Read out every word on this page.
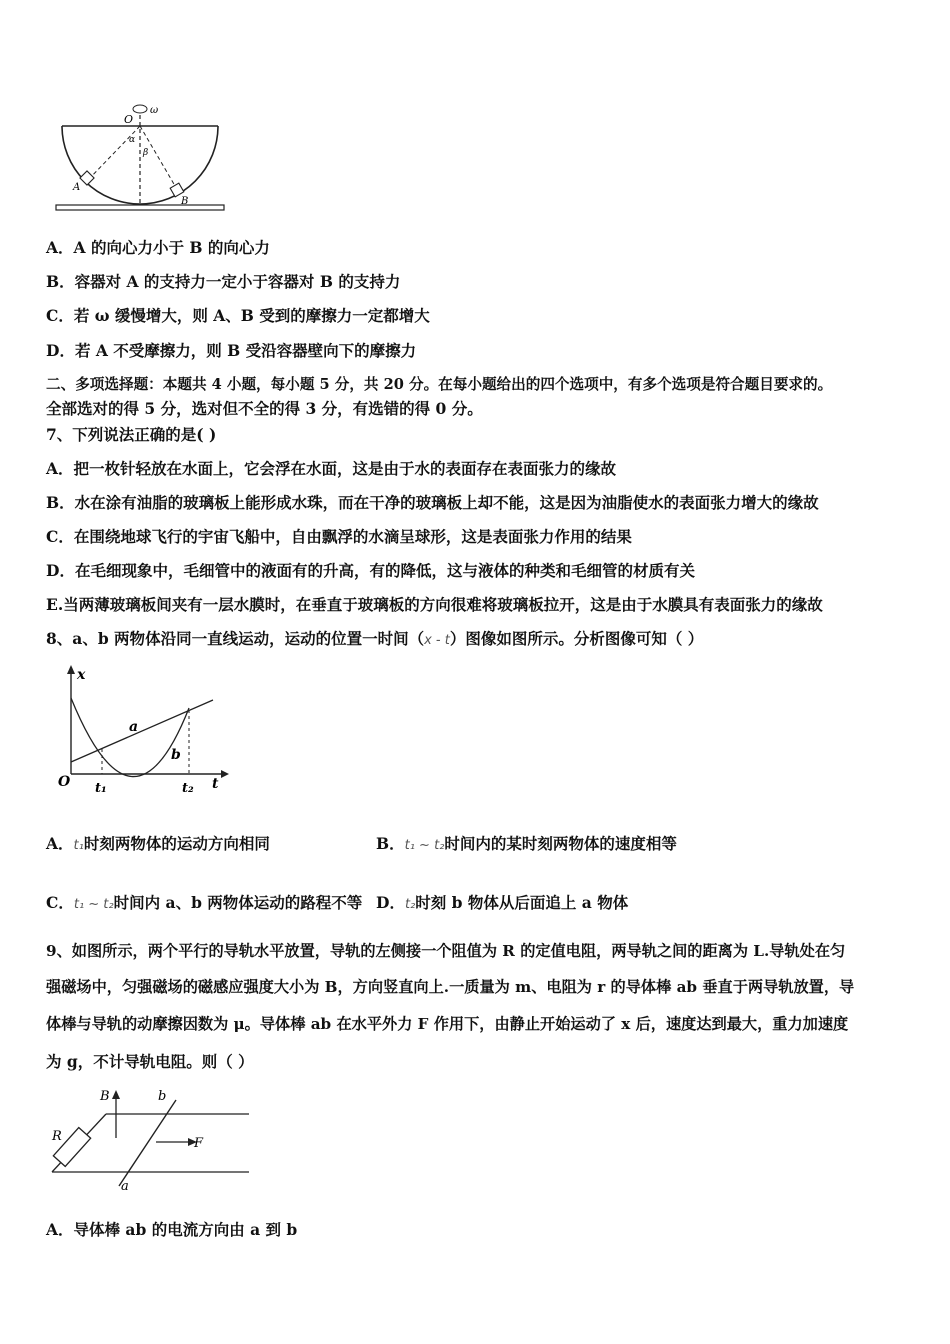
ω
O
α
β
A
B
A．A 的向心力小于 B 的向心力
B．容器对 A 的支持力一定小于容器对 B 的支持力
C．若 ω 缓慢增大，则 A、B 受到的摩擦力一定都增大
D．若 A 不受摩擦力，则 B 受沿容器壁向下的摩擦力
二、多项选择题：本题共 4 小题，每小题 5 分，共 20 分。在每小题给出的四个选项中，有多个选项是符合题目要求的。
全部选对的得 5 分，选对但不全的得 3 分，有选错的得 0 分。
7、下列说法正确的是( )
A．把一枚针轻放在水面上，它会浮在水面，这是由于水的表面存在表面张力的缘故
B．水在涂有油脂的玻璃板上能形成水珠，而在干净的玻璃板上却不能，这是因为油脂使水的表面张力增大的缘故
C．在围绕地球飞行的宇宙飞船中，自由飘浮的水滴呈球形，这是表面张力作用的结果
D．在毛细现象中，毛细管中的液面有的升高，有的降低，这与液体的种类和毛细管的材质有关
E.当两薄玻璃板间夹有一层水膜时，在垂直于玻璃板的方向很难将玻璃板拉开，这是由于水膜具有表面张力的缘故
8、a、b 两物体沿同一直线运动，运动的位置一时间（x - t）图像如图所示。分析图像可知（ ）
x
t
O
a
b
t₁	t₂
A．t₁时刻两物体的运动方向相同	B．t₁ ~ t₂时间内的某时刻两物体的速度相等
C．t₁ ~ t₂时间内 a、b 两物体运动的路程不等 D．t₂时刻 b 物体从后面追上 a 物体
9、如图所示，两个平行的导轨水平放置，导轨的左侧接一个阻值为 R 的定值电阻，两导轨之间的距离为 L.导轨处在匀
强磁场中，匀强磁场的磁感应强度大小为 B，方向竖直向上.一质量为 m、电阻为 r 的导体棒 ab 垂直于两导轨放置，导
体棒与导轨的动摩擦因数为 μ。导体棒 ab 在水平外力 F 作用下，由静止开始运动了 x 后，速度达到最大，重力加速度
为 g，不计导轨电阻。则（ ）
B	b
R	F
a
A．导体棒 ab 的电流方向由 a 到 b
